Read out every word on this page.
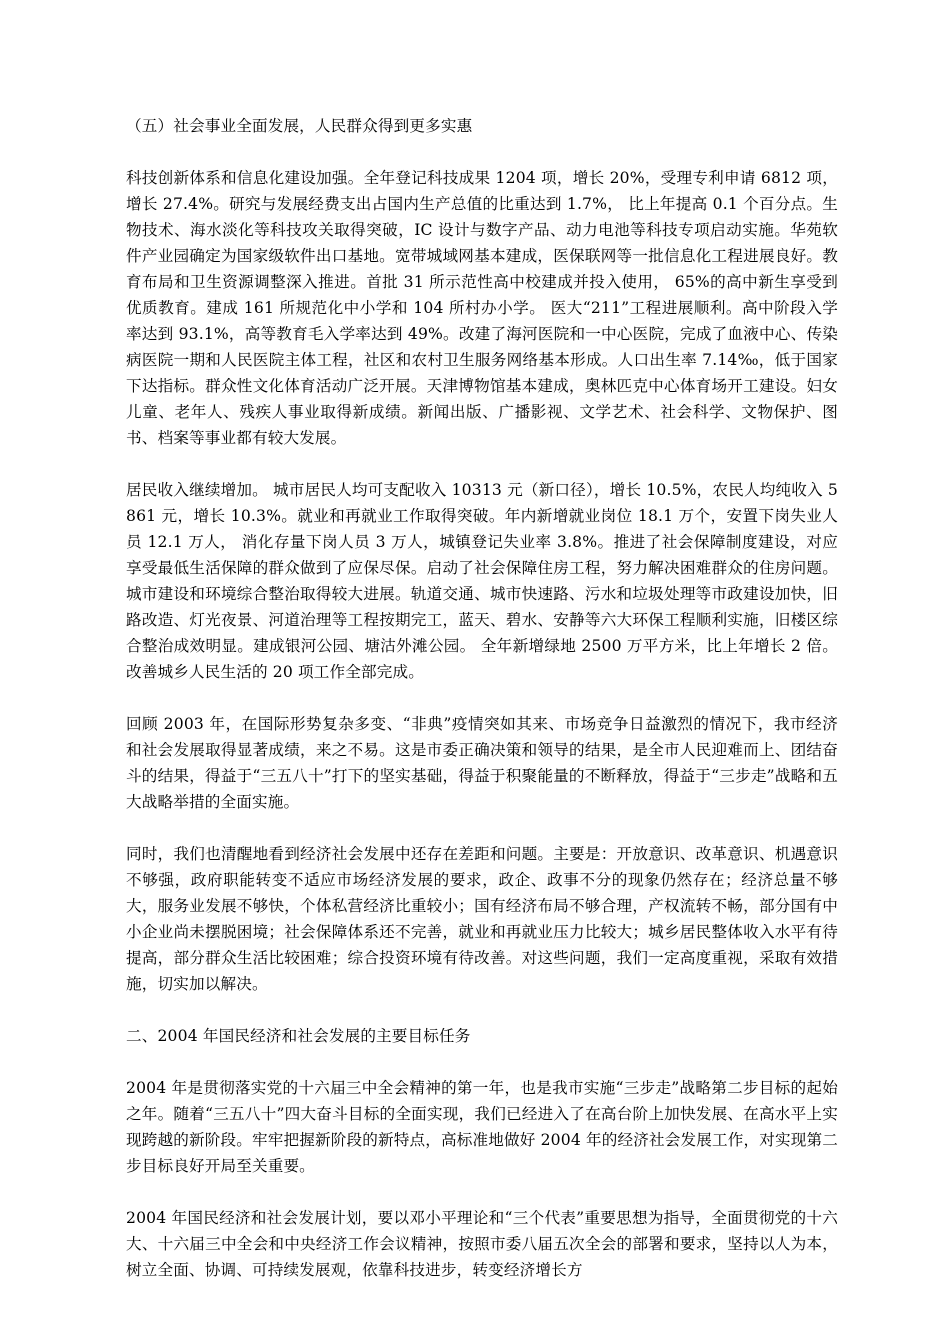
（五）社会事业全面发展，人民群众得到更多实惠

科技创新体系和信息化建设加强。全年登记科技成果 1204 项，增长 20%，受理专利申请 6812 项，增长 27.4%。研究与发展经费支出占国内生产总值的比重达到 1.7%， 比上年提高 0.1 个百分点。生物技术、海水淡化等科技攻关取得突破，IC 设计与数字产品、动力电池等科技专项启动实施。华苑软件产业园确定为国家级软件出口基地。宽带城域网基本建成，医保联网等一批信息化工程进展良好。教育布局和卫生资源调整深入推进。首批 31 所示范性高中校建成并投入使用， 65%的高中新生享受到优质教育。建成 161 所规范化中小学和 104 所村办小学。 医大“211”工程进展顺利。高中阶段入学率达到 93.1%，高等教育毛入学率达到 49%。改建了海河医院和一中心医院，完成了血液中心、传染病医院一期和人民医院主体工程，社区和农村卫生服务网络基本形成。人口出生率 7.14‰，低于国家下达指标。群众性文化体育活动广泛开展。天津博物馆基本建成，奥林匹克中心体育场开工建设。妇女儿童、老年人、残疾人事业取得新成绩。新闻出版、广播影视、文学艺术、社会科学、文物保护、图书、档案等事业都有较大发展。

居民收入继续增加。 城市居民人均可支配收入 10313 元（新口径），增长 10.5%，农民人均纯收入 5861 元，增长 10.3%。就业和再就业工作取得突破。年内新增就业岗位 18.1 万个，安置下岗失业人员 12.1 万人， 消化存量下岗人员 3 万人，城镇登记失业率 3.8%。推进了社会保障制度建设，对应享受最低生活保障的群众做到了应保尽保。启动了社会保障住房工程，努力解决困难群众的住房问题。城市建设和环境综合整治取得较大进展。轨道交通、城市快速路、污水和垃圾处理等市政建设加快，旧路改造、灯光夜景、河道治理等工程按期完工，蓝天、碧水、安静等六大环保工程顺利实施，旧楼区综合整治成效明显。建成银河公园、塘沽外滩公园。 全年新增绿地 2500 万平方米，比上年增长 2 倍。改善城乡人民生活的 20 项工作全部完成。

回顾 2003 年，在国际形势复杂多变、“非典”疫情突如其来、市场竞争日益激烈的情况下，我市经济和社会发展取得显著成绩，来之不易。这是市委正确决策和领导的结果，是全市人民迎难而上、团结奋斗的结果，得益于“三五八十”打下的坚实基础，得益于积聚能量的不断释放，得益于“三步走”战略和五大战略举措的全面实施。

同时，我们也清醒地看到经济社会发展中还存在差距和问题。主要是：开放意识、改革意识、机遇意识不够强，政府职能转变不适应市场经济发展的要求，政企、政事不分的现象仍然存在；经济总量不够大，服务业发展不够快，个体私营经济比重较小；国有经济布局不够合理，产权流转不畅，部分国有中小企业尚未摆脱困境；社会保障体系还不完善，就业和再就业压力比较大；城乡居民整体收入水平有待提高，部分群众生活比较困难；综合投资环境有待改善。对这些问题，我们一定高度重视，采取有效措施，切实加以解决。

二、2004 年国民经济和社会发展的主要目标任务

2004 年是贯彻落实党的十六届三中全会精神的第一年，也是我市实施“三步走”战略第二步目标的起始之年。随着“三五八十”四大奋斗目标的全面实现，我们已经进入了在高台阶上加快发展、在高水平上实现跨越的新阶段。牢牢把握新阶段的新特点，高标准地做好 2004 年的经济社会发展工作，对实现第二步目标良好开局至关重要。

2004 年国民经济和社会发展计划，要以邓小平理论和“三个代表”重要思想为指导，全面贯彻党的十六大、十六届三中全会和中央经济工作会议精神，按照市委八届五次全会的部署和要求，坚持以人为本，树立全面、协调、可持续发展观，依靠科技进步，转变经济增长方
